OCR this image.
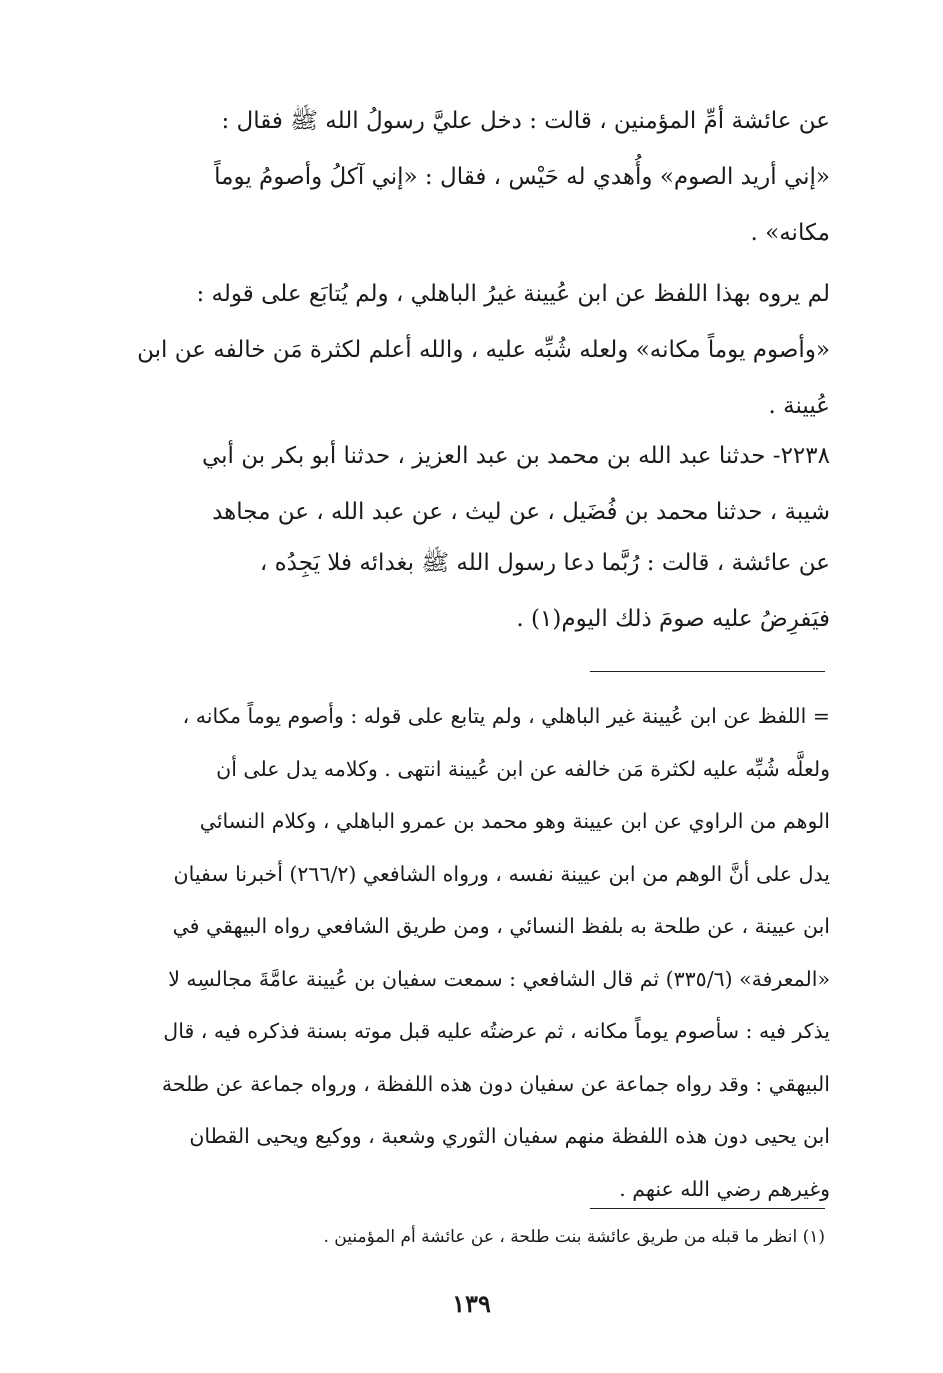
عن عائشة أمِّ المؤمنين ، قالت : دخل عليَّ رسولُ الله ﷺ فقال :
«إني أريد الصوم» وأُهدي له حَيْس ، فقال : «إني آكلُ وأصومُ يوماً
مكانه» .
لم يروه بهذا اللفظ عن ابن عُيينة غيرُ الباهلي ، ولم يُتابَع على قوله :
«وأصوم يوماً مكانه» ولعله شُبِّه عليه ، والله أعلم لكثرة مَن خالفه عن ابن
عُيينة .
٢٢٣٨- حدثنا عبد الله بن محمد بن عبد العزيز ، حدثنا أبو بكر بن أبي
شيبة ، حدثنا محمد بن فُضَيل ، عن ليث ، عن عبد الله ، عن مجاهد
عن عائشة ، قالت : رُبَّما دعا رسول الله ﷺ بغدائه فلا يَجِدُه ،
فيَفرِضُ عليه صومَ ذلك اليوم(١) .
= اللفظ عن ابن عُيينة غير الباهلي ، ولم يتابع على قوله : وأصوم يوماً مكانه ،
ولعلَّه شُبِّه عليه لكثرة مَن خالفه عن ابن عُيينة انتهى . وكلامه يدل على أن
الوهم من الراوي عن ابن عيينة وهو محمد بن عمرو الباهلي ، وكلام النسائي
يدل على أنَّ الوهم من ابن عيينة نفسه ، ورواه الشافعي (٢٦٦/٢) أخبرنا سفيان
ابن عيينة ، عن طلحة به بلفظ النسائي ، ومن طريق الشافعي رواه البيهقي في
«المعرفة» (٣٣٥/٦) ثم قال الشافعي : سمعت سفيان بن عُيينة عامَّةَ مجالسِه لا
يذكر فيه : سأصوم يوماً مكانه ، ثم عرضتُه عليه قبل موته بسنة فذكره فيه ، قال
البيهقي : وقد رواه جماعة عن سفيان دون هذه اللفظة ، ورواه جماعة عن طلحة
ابن يحيى دون هذه اللفظة منهم سفيان الثوري وشعبة ، ووكيع ويحيى القطان
وغيرهم رضي الله عنهم .
(١) انظر ما قبله من طريق عائشة بنت طلحة ، عن عائشة أم المؤمنين .
١٣٩
